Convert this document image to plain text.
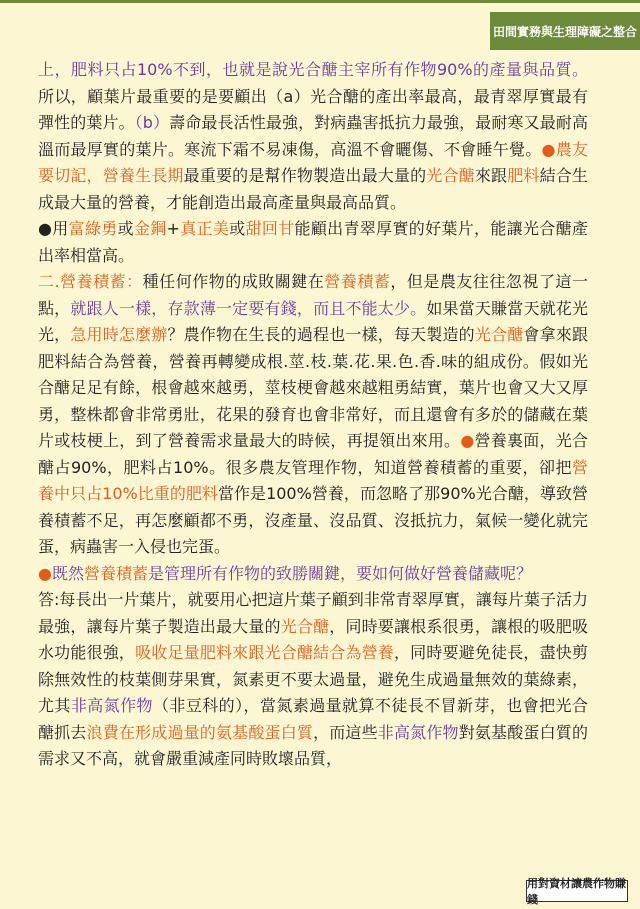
田間實務與生理障礙之整合

上，肥料只占10%不到，也就是說光合醣主宰所有作物90%的產量與品質。所以，顧葉片最重要的是要顧出（a）光合醣的產出率最高，最青翠厚實最有彈性的葉片。（b）壽命最長活性最強，對病蟲害抵抗力最強，最耐寒又最耐高溫而最厚實的葉片。寒流下霜不易凍傷，高溫不會曬傷、不會睡午覺。●農友要切記，營養生長期最重要的是幫作物製造出最大量的光合醣來跟肥料結合生成最大量的營養，才能創造出最高產量與最高品質。

●用富綠勇或金鋼+真正美或甜回甘能顧出青翠厚實的好葉片，能讓光合醣產出率相當高。

二.營養積蓄：種任何作物的成敗關鍵在營養積蓄，但是農友往往忽視了這一點，就跟人一樣，存款薄一定要有錢，而且不能太少。如果當天賺當天就花光光，急用時怎麼辦？農作物在生長的過程也一樣，每天製造的光合醣會拿來跟肥料結合為營養，營養再轉變成根.莖.枝.葉.花.果.色.香.味的組成份。假如光合醣足足有餘，根會越來越勇，莖枝梗會越來越粗勇結實，葉片也會又大又厚勇，整株都會非常勇壯，花果的發育也會非常好，而且還會有多於的儲藏在葉片或枝梗上，到了營養需求量最大的時候，再提領出來用。●營養裏面，光合醣占90%，肥料占10%。很多農友管理作物，知道營養積蓄的重要，卻把營養中只占10%比重的肥料當作是100%營養，而忽略了那90%光合醣，導致營養積蓄不足，再怎麼顧都不勇，沒產量、沒品質、沒抵抗力，氣候一變化就完蛋，病蟲害一入侵也完蛋。

●既然營養積蓄是管理所有作物的致勝關鍵，要如何做好營養儲藏呢？

答:每長出一片葉片，就要用心把這片葉子顧到非常青翠厚實，讓每片葉子活力最強，讓每片葉子製造出最大量的光合醣，同時要讓根系很勇，讓根的吸肥吸水功能很強，吸收足量肥料來跟光合醣結合為營養，同時要避免徒長，盡快剪除無效性的枝葉側芽果實，氮素更不要太過量，避免生成過量無效的葉綠素，尤其非高氮作物（非豆科的），當氮素過量就算不徒長不冒新芽，也會把光合醣抓去浪費在形成過量的氨基酸蛋白質，而這些非高氮作物對氨基酸蛋白質的需求又不高，就會嚴重減產同時敗壞品質，

用對資材讓農作物賺錢
